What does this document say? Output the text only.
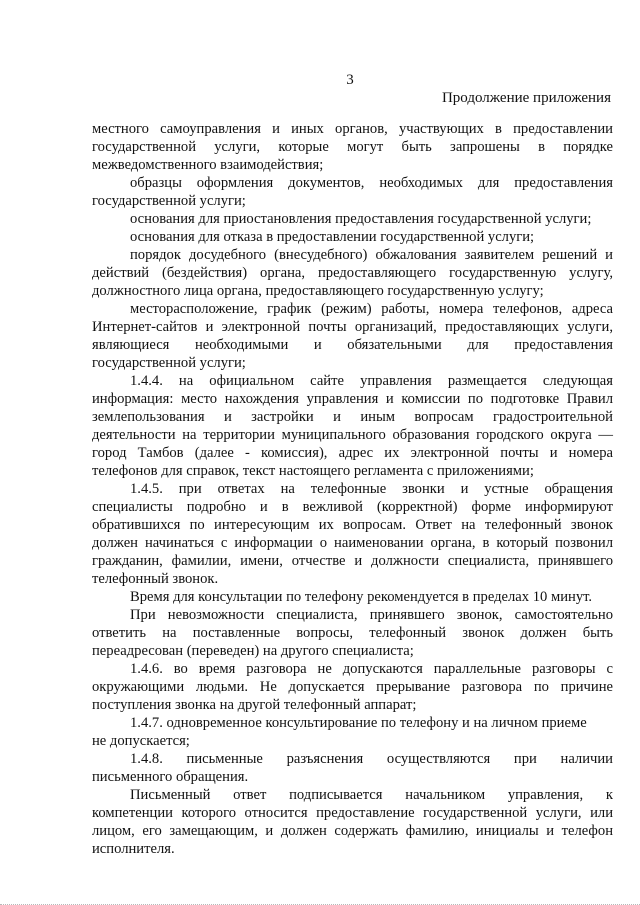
3
Продолжение приложения
местного самоуправления и иных органов, участвующих в предоставлении
государственной услуги, которые могут быть запрошены в порядке
межведомственного взаимодействия;
образцы оформления документов, необходимых для предоставления
государственной услуги;
основания для приостановления предоставления государственной услуги;
основания для отказа в предоставлении государственной услуги;
порядок досудебного (внесудебного) обжалования заявителем решений и
действий (бездействия) органа, предоставляющего государственную услугу,
должностного лица органа, предоставляющего государственную услугу;
месторасположение, график (режим) работы, номера телефонов, адреса
Интернет-сайтов и электронной почты организаций, предоставляющих услуги,
являющиеся необходимыми и обязательными для предоставления
государственной услуги;
1.4.4. на официальном сайте управления размещается следующая
информация: место нахождения управления и комиссии по подготовке Правил
землепользования и застройки и иным вопросам градостроительной
деятельности на территории муниципального образования городского округа —
город Тамбов (далее - комиссия), адрес их электронной почты и номера
телефонов для справок, текст настоящего регламента с приложениями;
1.4.5. при ответах на телефонные звонки и устные обращения
специалисты подробно и в вежливой (корректной) форме информируют
обратившихся по интересующим их вопросам. Ответ на телефонный звонок
должен начинаться с информации о наименовании органа, в который позвонил
гражданин, фамилии, имени, отчестве и должности специалиста, принявшего
телефонный звонок.
Время для консультации по телефону рекомендуется в пределах 10 минут.
При невозможности специалиста, принявшего звонок, самостоятельно
ответить на поставленные вопросы, телефонный звонок должен быть
переадресован (переведен) на другого специалиста;
1.4.6. во время разговора не допускаются параллельные разговоры с
окружающими людьми. Не допускается прерывание разговора по причине
поступления звонка на другой телефонный аппарат;
1.4.7. одновременное консультирование по телефону и на личном приеме
не допускается;
1.4.8. письменные разъяснения осуществляются при наличии
письменного обращения.
Письменный ответ подписывается начальником управления, к
компетенции которого относится предоставление государственной услуги, или
лицом, его замещающим, и должен содержать фамилию, инициалы и телефон
исполнителя.
